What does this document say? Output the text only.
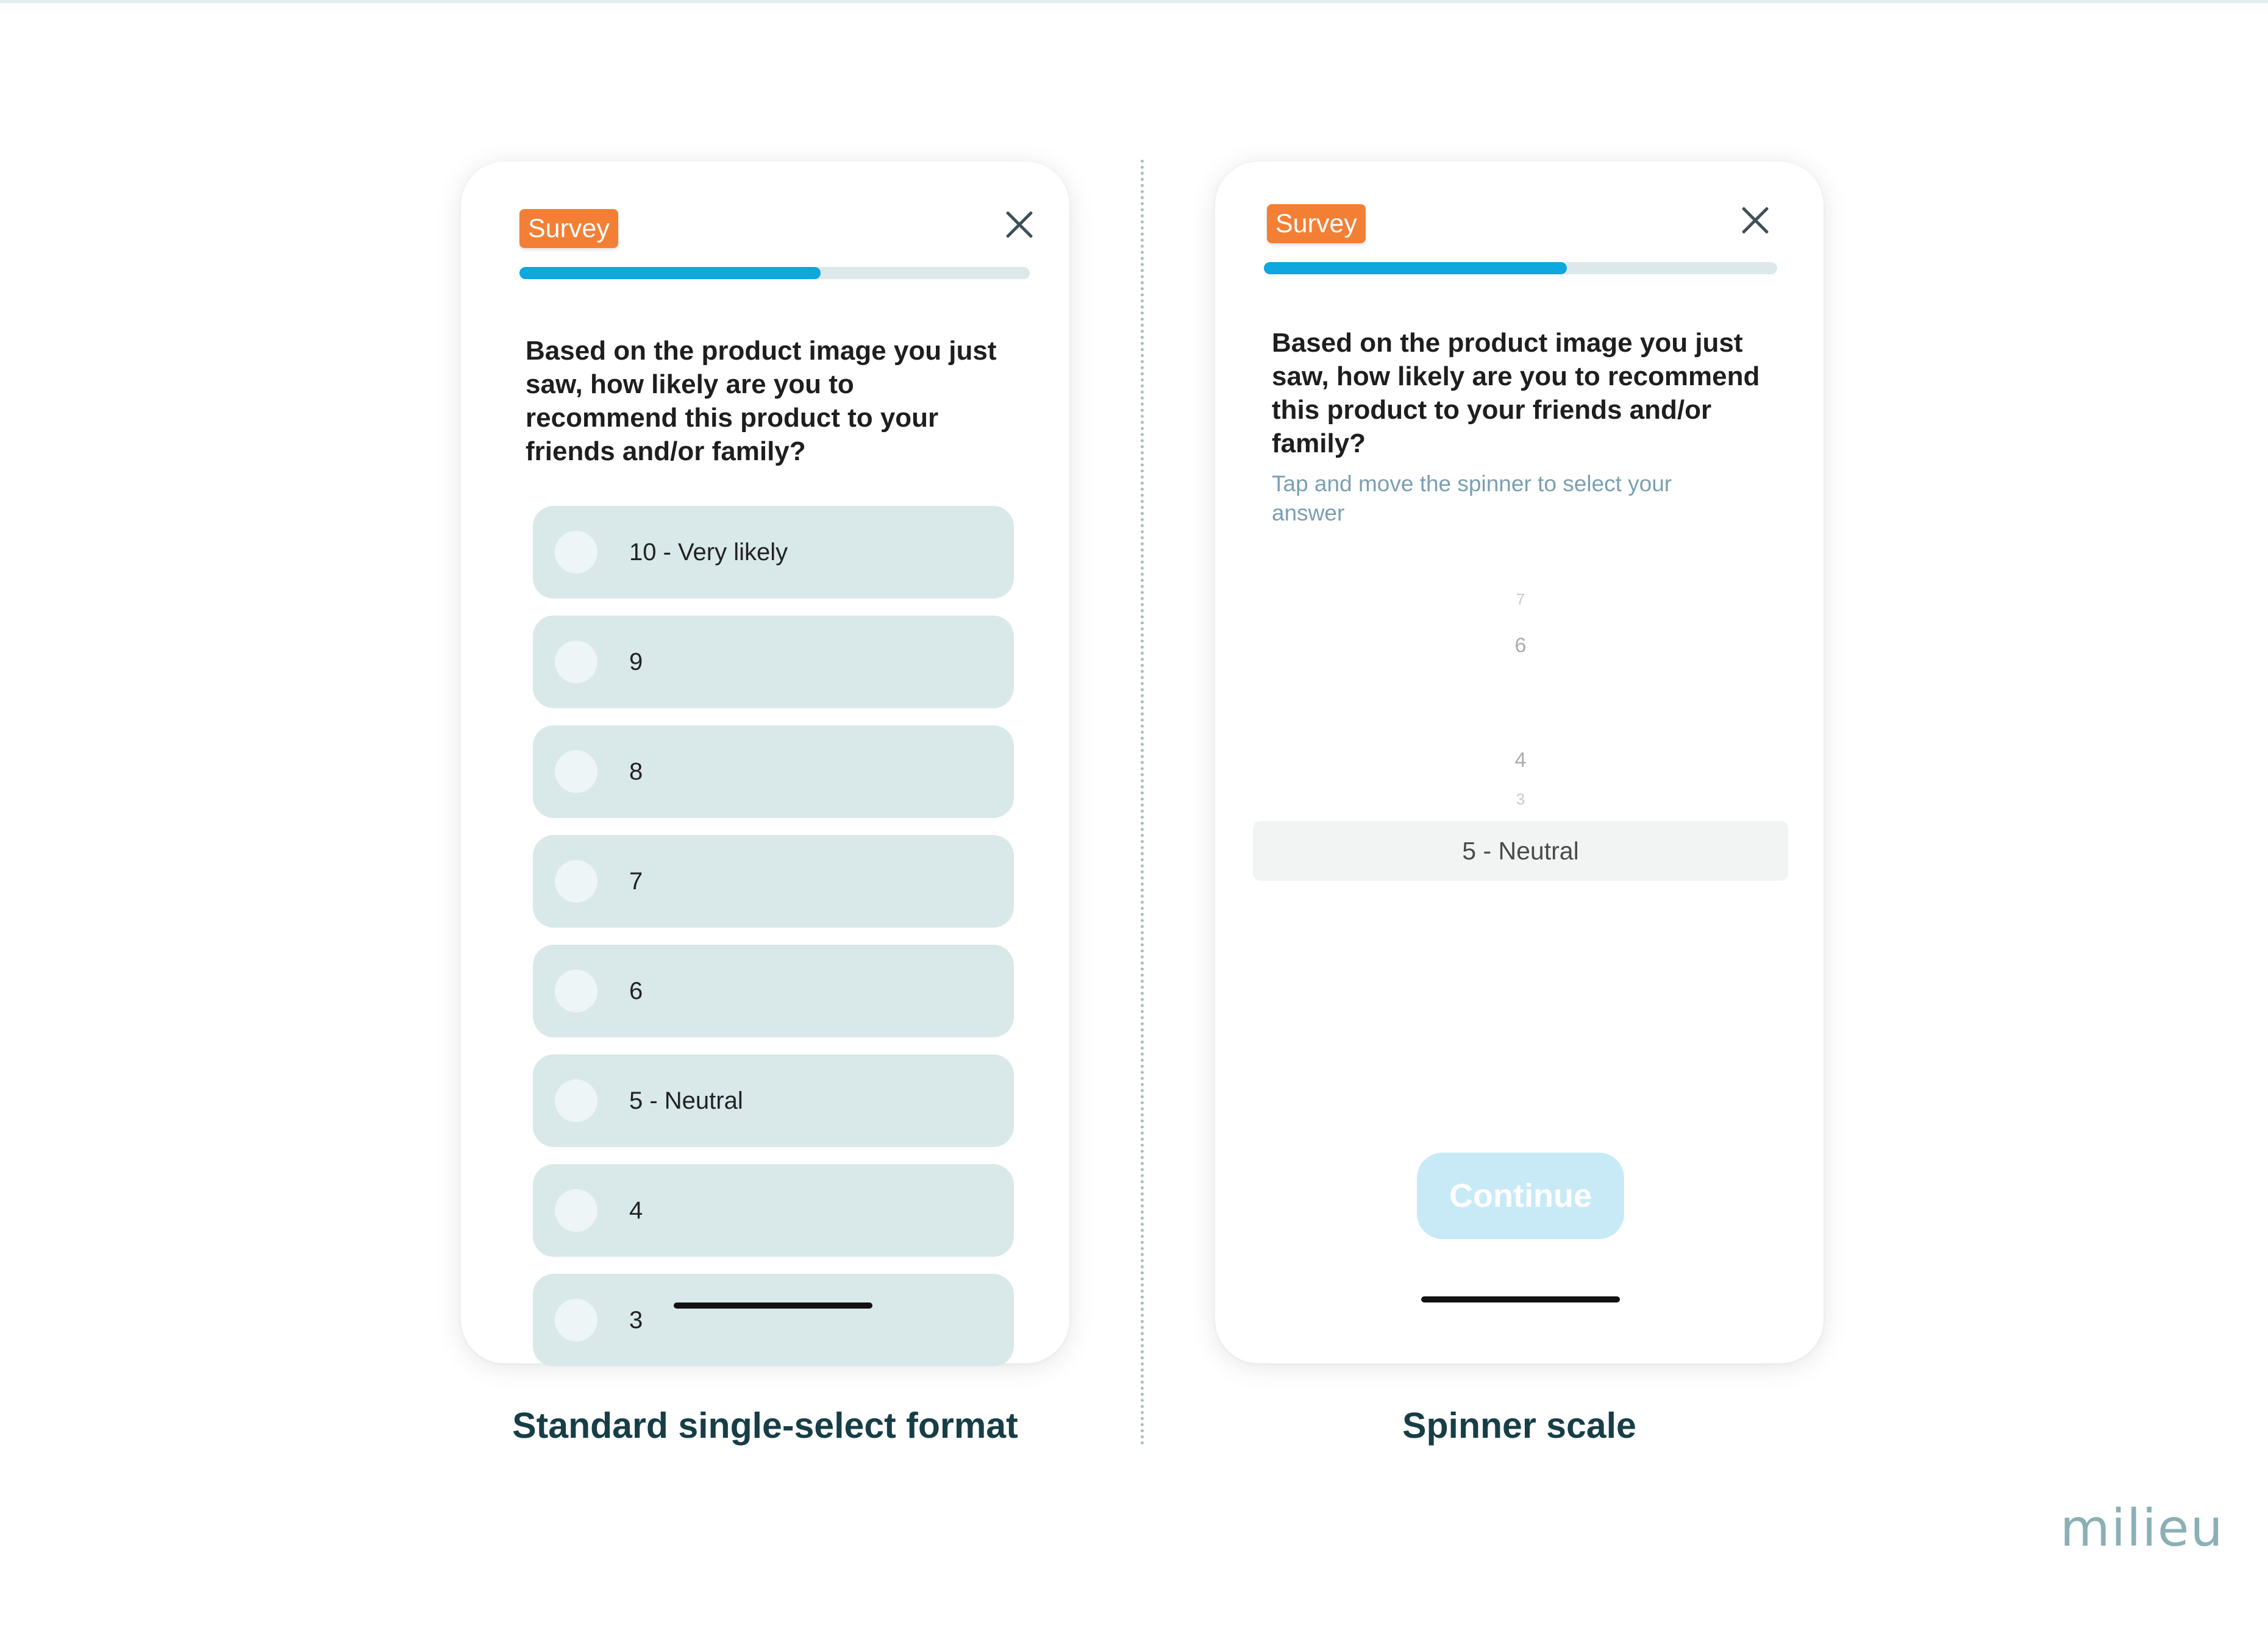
Survey

Based on the product image you just saw, how likely are you to recommend this product to your friends and/or family?

10 - Very likely
9
8
7
6
5 - Neutral
4
3
Survey

Based on the product image you just saw, how likely are you to recommend this product to your friends and/or family?

Tap and move the spinner to select your answer

7
6
5 - Neutral
4
3
Continue

Standard single-select format	Spinner scale

milieu
